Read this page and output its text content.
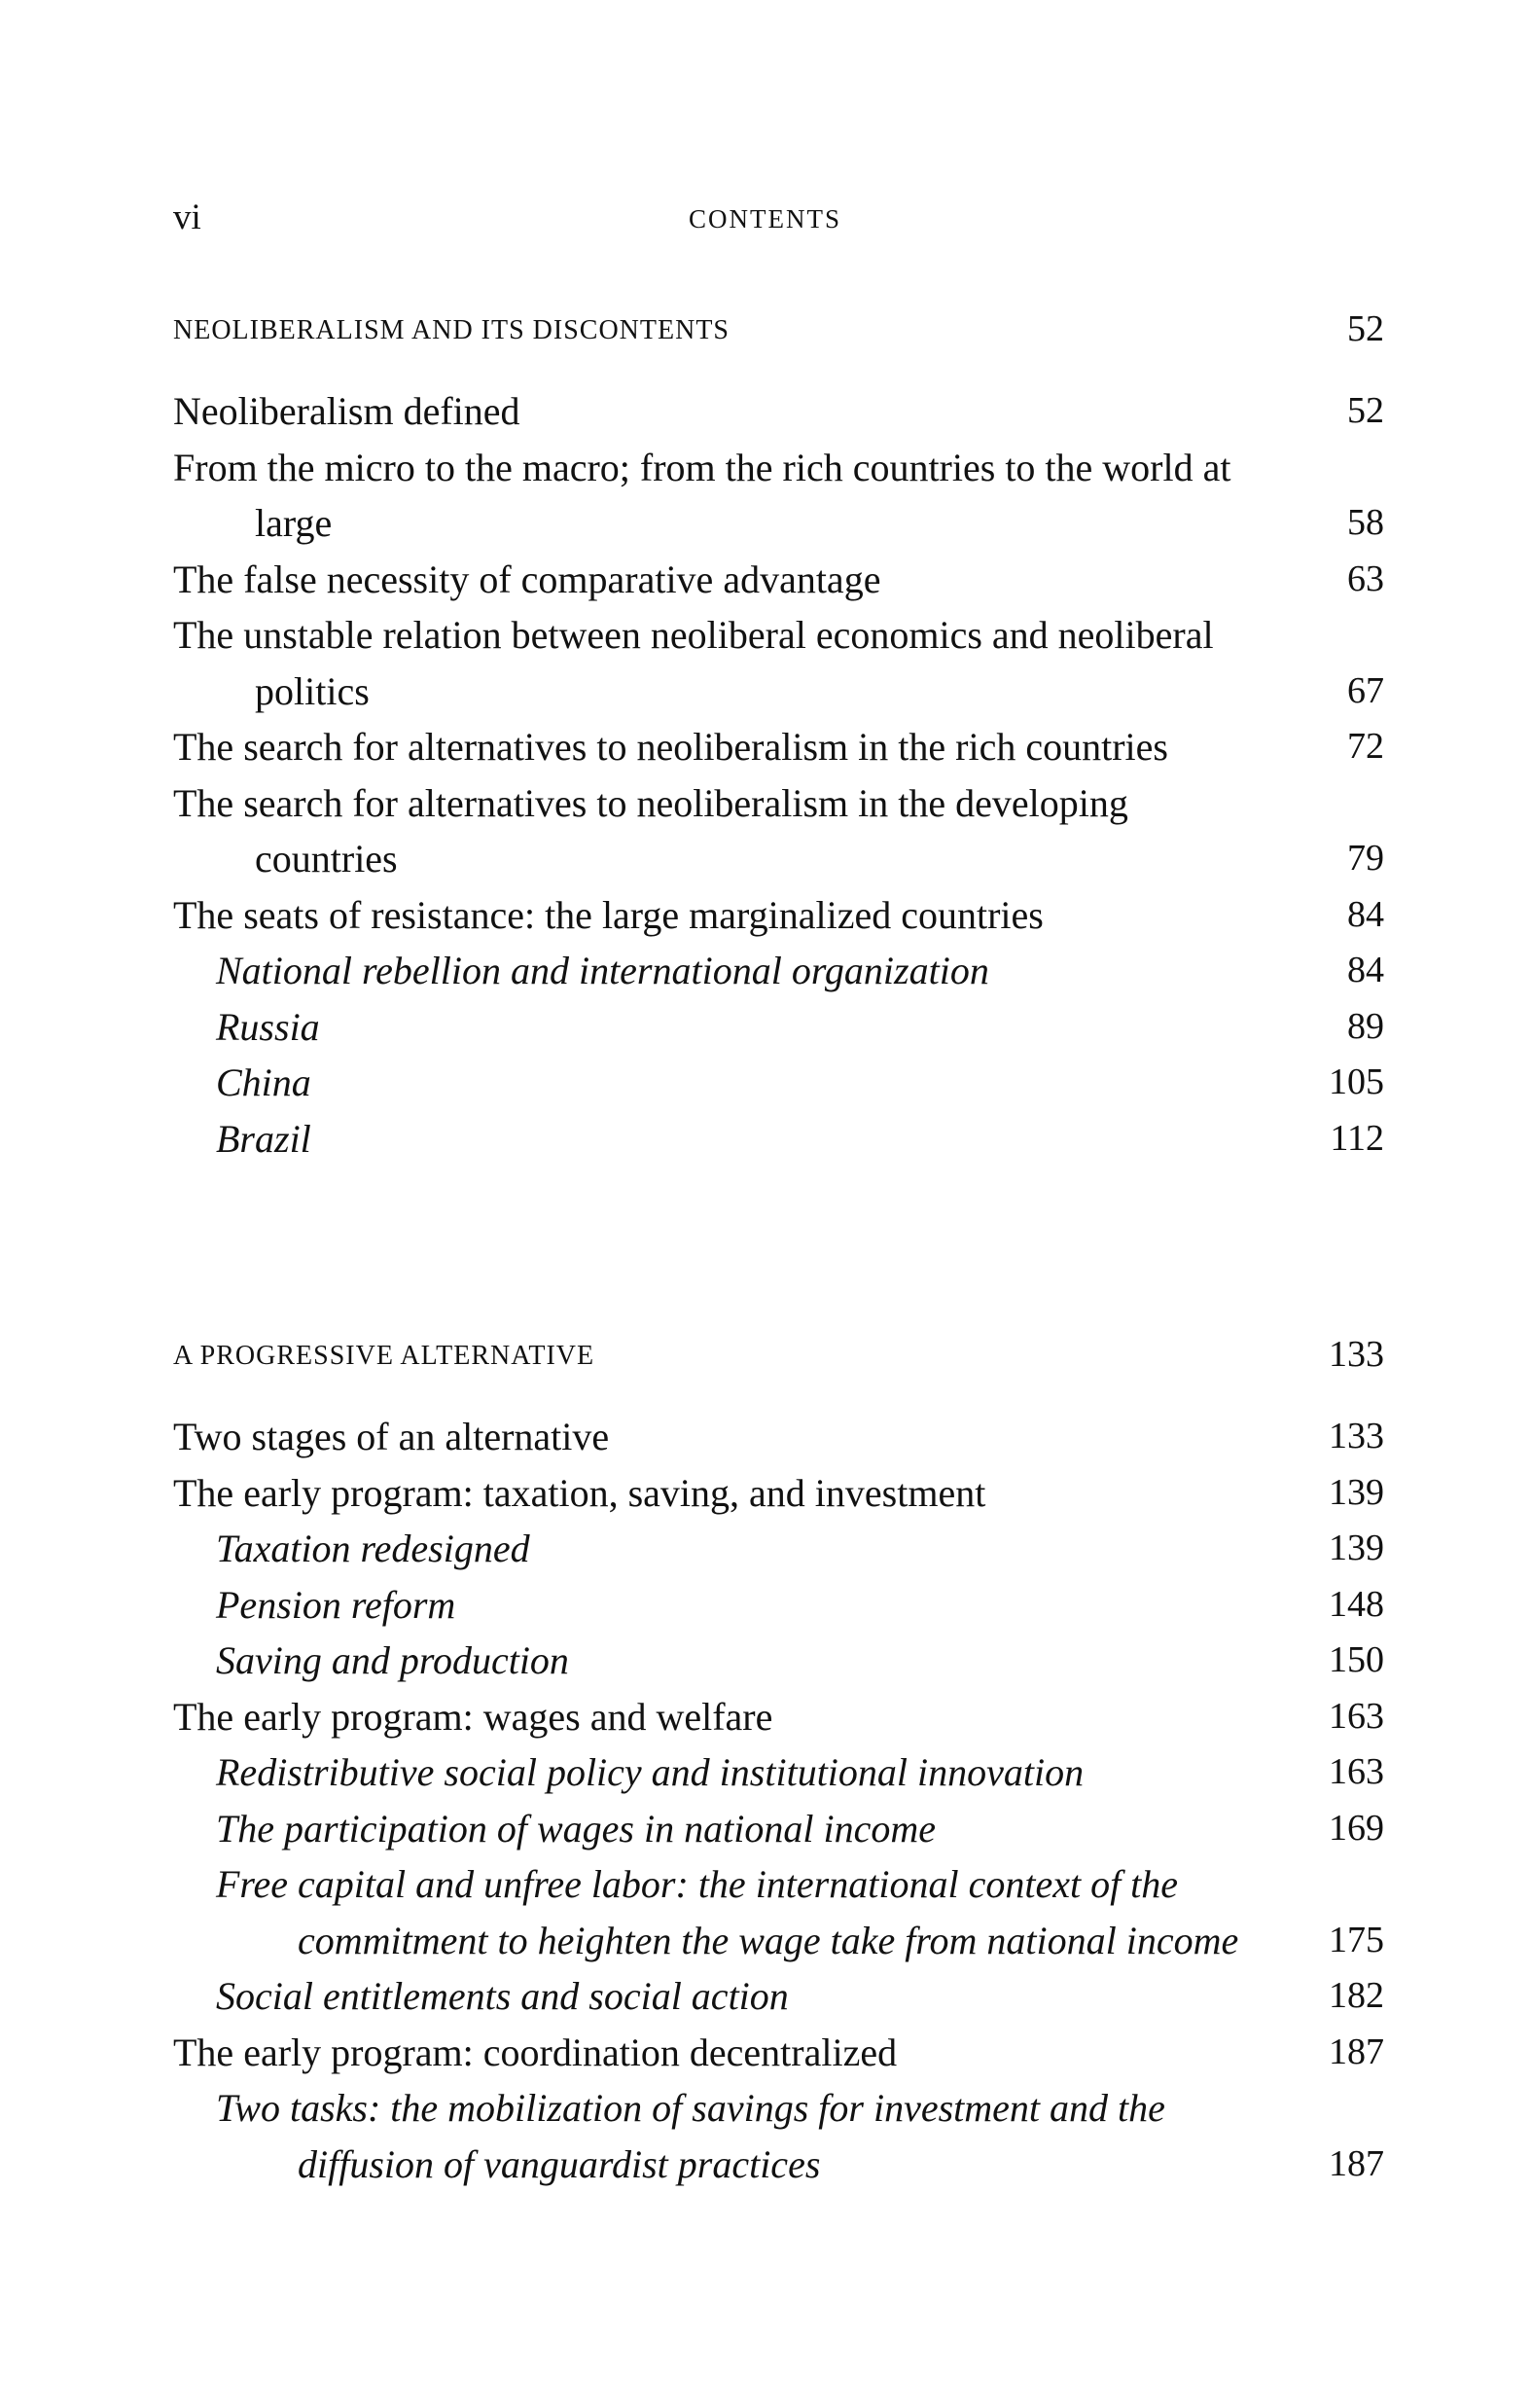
vi	CONTENTS
NEOLIBERALISM AND ITS DISCONTENTS	52
Neoliberalism defined	52
From the micro to the macro; from the rich countries to the world at large	58
The false necessity of comparative advantage	63
The unstable relation between neoliberal economics and neoliberal politics	67
The search for alternatives to neoliberalism in the rich countries	72
The search for alternatives to neoliberalism in the developing countries	79
The seats of resistance: the large marginalized countries	84
National rebellion and international organization	84
Russia	89
China	105
Brazil	112
A PROGRESSIVE ALTERNATIVE	133
Two stages of an alternative	133
The early program: taxation, saving, and investment	139
Taxation redesigned	139
Pension reform	148
Saving and production	150
The early program: wages and welfare	163
Redistributive social policy and institutional innovation	163
The participation of wages in national income	169
Free capital and unfree labor: the international context of the commitment to heighten the wage take from national income	175
Social entitlements and social action	182
The early program: coordination decentralized	187
Two tasks: the mobilization of savings for investment and the diffusion of vanguardist practices	187
